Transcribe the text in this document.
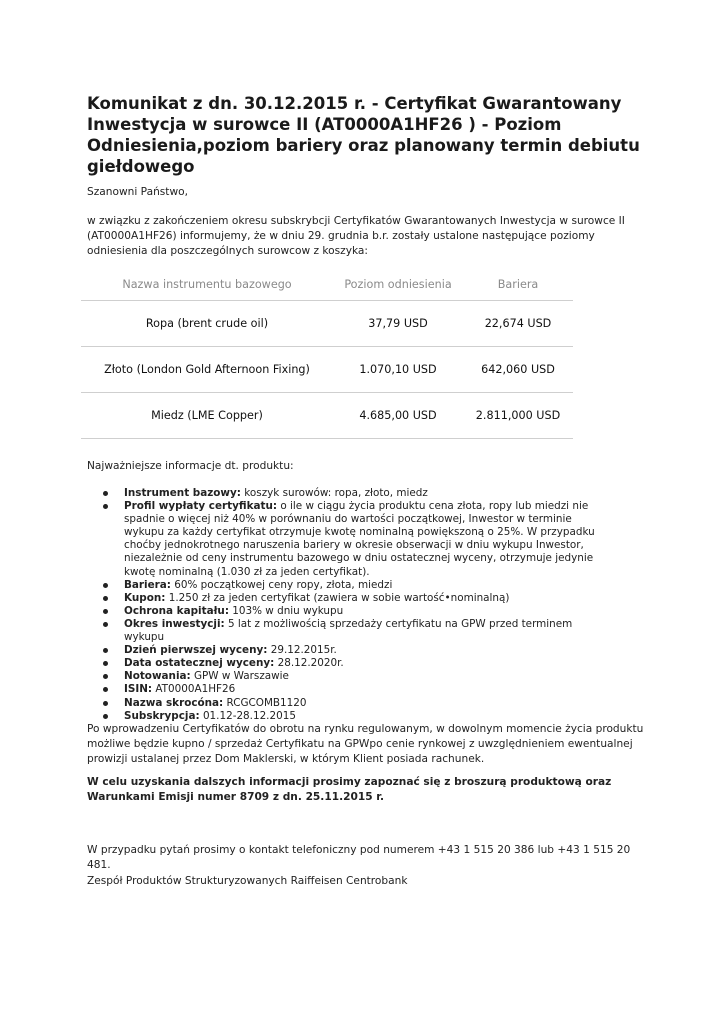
Komunikat z dn. 30.12.2015 r. - Certyfikat Gwarantowany Inwestycja w surowce II (AT0000A1HF26 ) - Poziom Odniesienia,poziom bariery oraz planowany termin debiutu giełdowego

Szanowni Państwo,

w związku z zakończeniem okresu subskrybcji Certyfikatów Gwarantowanych Inwestycja w surowce II (AT0000A1HF26) informujemy, że w dniu 29. grudnia b.r. zostały ustalone następujące poziomy odniesienia dla poszczególnych surowcow z koszyka:

Nazwa instrumentu bazowego	Poziom odniesienia	Bariera
Ropa (brent crude oil)	37,79 USD	22,674 USD
Złoto (London Gold Afternoon Fixing)	1.070,10 USD	642,060 USD
Miedz (LME Copper)	4.685,00 USD	2.811,000 USD

Najważniejsze informacje dt. produktu:

Instrument bazowy: koszyk surowów: ropa, złoto, miedz
Profil wypłaty certyfikatu: o ile w ciągu życia produktu cena złota, ropy lub miedzi nie spadnie o więcej niż 40% w porównaniu do wartości początkowej, Inwestor w terminie wykupu za każdy certyfikat otrzymuje kwotę nominalną powiększoną o 25%. W przypadku choćby jednokrotnego naruszenia bariery w okresie obserwacji w dniu wykupu Inwestor, niezależnie od ceny instrumentu bazowego w dniu ostatecznej wyceny, otrzymuje jedynie kwotę nominalną (1.030 zł za jeden certyfikat).
Bariera: 60% początkowej ceny ropy, złota, miedzi
Kupon: 1.250 zł za jeden certyfikat (zawiera w sobie wartość•nominalną)
Ochrona kapitału: 103% w dniu wykupu
Okres inwestycji: 5 lat z możliwością sprzedaży certyfikatu na GPW przed terminem wykupu
Dzień pierwszej wyceny: 29.12.2015r.
Data ostatecznej wyceny: 28.12.2020r.
Notowania: GPW w Warszawie
ISIN: AT0000A1HF26
Nazwa skrocóna: RCGCOMB1120
Subskrypcja: 01.12-28.12.2015

Po wprowadzeniu Certyfikatów do obrotu na rynku regulowanym, w dowolnym momencie życia produktu możliwe będzie kupno / sprzedaż Certyfikatu na GPWpo cenie rynkowej z uwzględnieniem ewentualnej prowizji ustalanej przez Dom Maklerski, w którym Klient posiada rachunek.

W celu uzyskania dalszych informacji prosimy zapoznać się z broszurą produktową oraz Warunkami Emisji numer 8709 z dn. 25.11.2015 r.

W przypadku pytań prosimy o kontakt telefoniczny pod numerem +43 1 515 20 386 lub +43 1 515 20 481.

Zespół Produktów Strukturyzowanych Raiffeisen Centrobank
